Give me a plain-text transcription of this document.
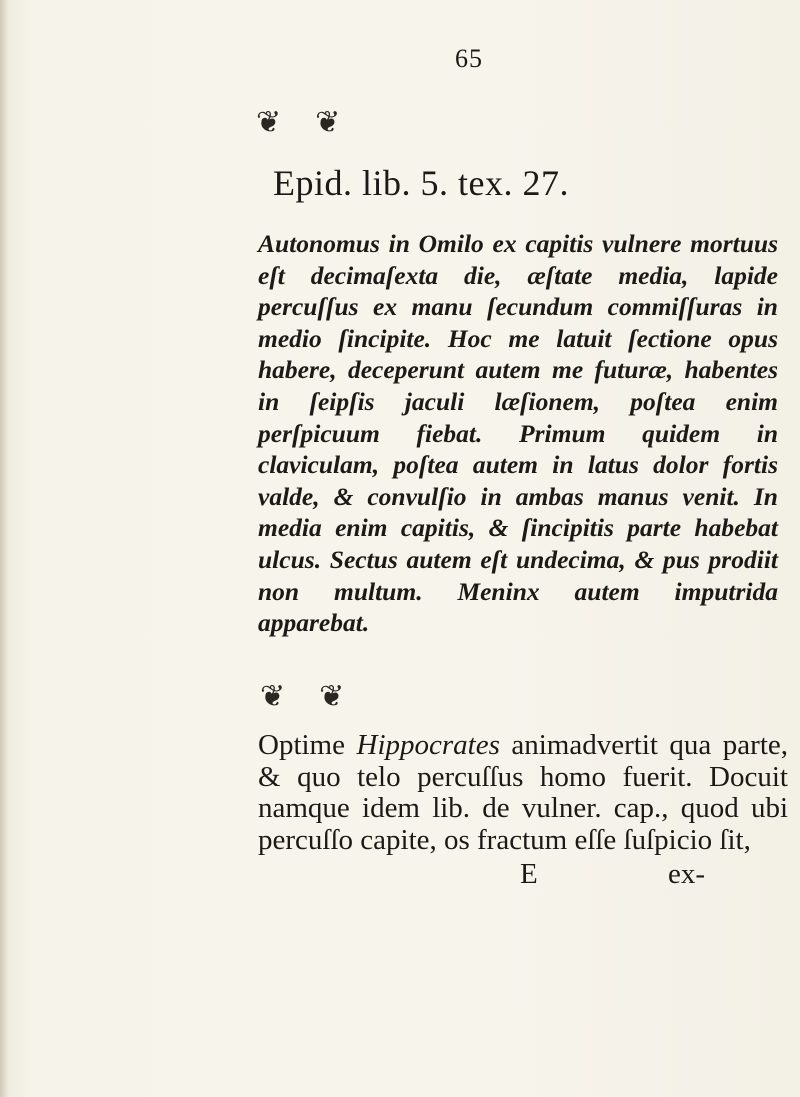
65
❦ ❦
Epid. lib. 5. tex. 27.
Autonomus in Omilo ex capitis vulnere mortuus eſt decimaſexta die, æſtate media, lapide percuſſus ex manu ſecundum commiſſuras in medio ſincipite. Hoc me latuit ſectione opus habere, deceperunt autem me futuræ, habentes in ſeipſis jaculi læſionem, poſtea enim perſpicuum fiebat. Primum quidem in claviculam, poſtea autem in latus dolor fortis valde, & convulſio in ambas manus venit. In media enim capitis, & ſincipitis parte habebat ulcus. Sectus autem eſt undecima, & pus prodiit non multum. Meninx autem imputrida apparebat.
❦ ❦
Optime Hippocrates animadvertit qua parte, & quo telo percuſſus homo fuerit. Docuit namque idem lib. de vulner. cap., quod ubi percuſſo capite, os fractum eſſe ſuſpicio ſit,
E	ex-
